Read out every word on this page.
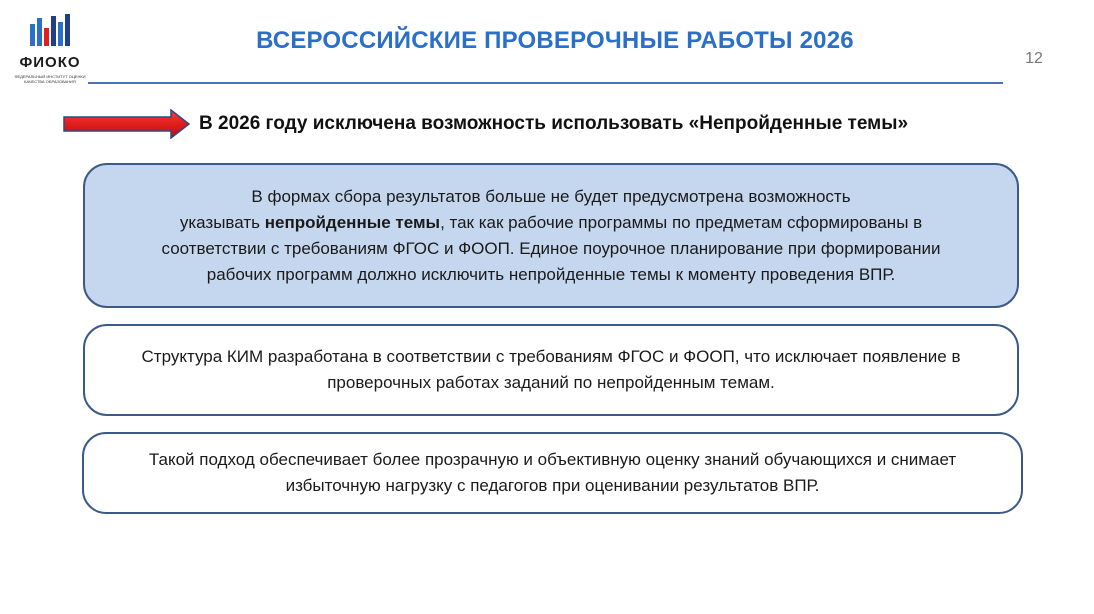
ФИОКО
ФЕДЕРАЛЬНЫЙ ИНСТИТУТ ОЦЕНКИ КАЧЕСТВА ОБРАЗОВАНИЯ
ВСЕРОССИЙСКИЕ ПРОВЕРОЧНЫЕ РАБОТЫ 2026
12
В 2026 году исключена возможность использовать «Непройденные темы»
В формах сбора результатов больше не будет предусмотрена возможность
указывать непройденные темы, так как рабочие программы по предметам сформированы в
соответствии с требованиям ФГОС и ФООП. Единое поурочное планирование при формировании
рабочих программ должно исключить непройденные темы к моменту проведения ВПР.
Структура КИМ разработана в соответствии с требованиям ФГОС и ФООП, что исключает появление в
проверочных работах заданий по непройденным темам.
Такой подход обеспечивает более прозрачную и объективную оценку знаний обучающихся и снимает
избыточную нагрузку с педагогов при оценивании результатов ВПР.
